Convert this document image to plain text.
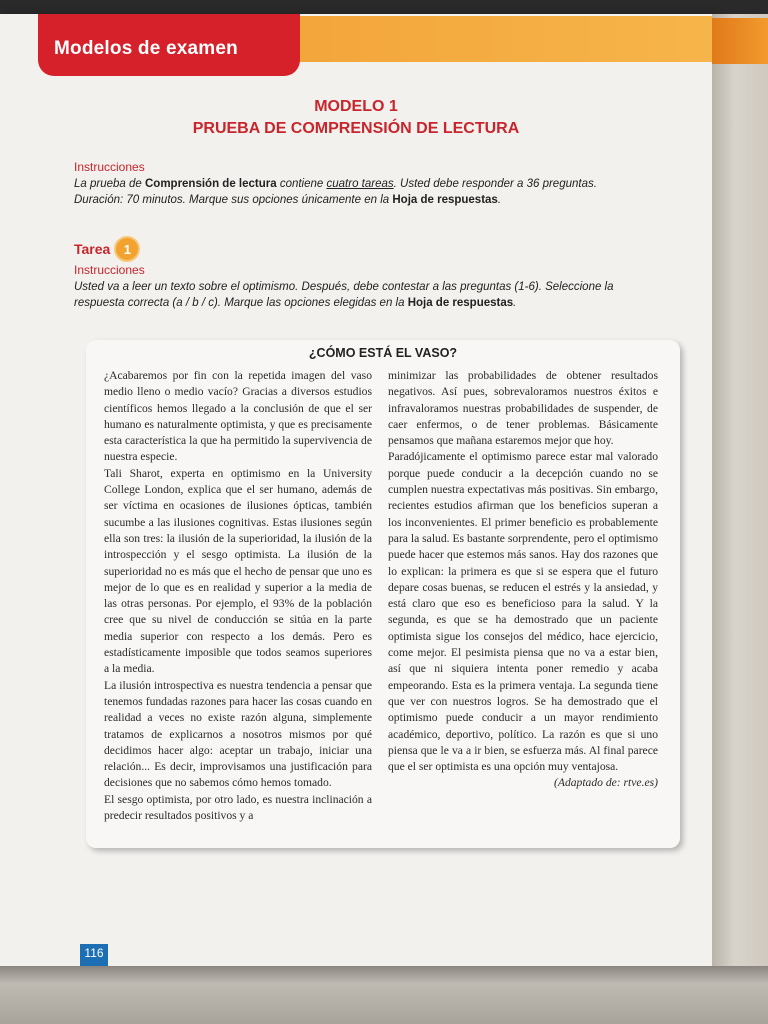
Modelos de examen
MODELO 1
PRUEBA DE COMPRENSIÓN DE LECTURA
Instrucciones
La prueba de Comprensión de lectura contiene cuatro tareas. Usted debe responder a 36 preguntas.
Duración: 70 minutos. Marque sus opciones únicamente en la Hoja de respuestas.
Tarea	1
Instrucciones
Usted va a leer un texto sobre el optimismo. Después, debe contestar a las preguntas (1-6). Seleccione la respuesta correcta (a / b / c). Marque las opciones elegidas en la Hoja de respuestas.
¿CÓMO ESTÁ EL VASO?

¿Acabaremos por fin con la repetida imagen del vaso medio lleno o medio vacío? Gracias a diversos estudios científicos hemos llegado a la conclusión de que el ser humano es naturalmente optimista, y que es precisamente esta característica la que ha permitido la supervivencia de nuestra especie.

Tali Sharot, experta en optimismo en la University College London, explica que el ser humano, además de ser víctima en ocasiones de ilusiones ópticas, también sucumbe a las ilusiones cognitivas. Estas ilusiones según ella son tres: la ilusión de la superioridad, la ilusión de la introspección y el sesgo optimista. La ilusión de la superioridad no es más que el hecho de pensar que uno es mejor de lo que es en realidad y superior a la media de las otras personas. Por ejemplo, el 93% de la población cree que su nivel de conducción se sitúa en la parte media superior con respecto a los demás. Pero es estadísticamente imposible que todos seamos superiores a la media.

La ilusión introspectiva es nuestra tendencia a pensar que tenemos fundadas razones para hacer las cosas cuando en realidad a veces no existe razón alguna, simplemente tratamos de explicarnos a nosotros mismos por qué decidimos hacer algo: aceptar un trabajo, iniciar una relación... Es decir, improvisamos una justificación para decisiones que no sabemos cómo hemos tomado.

El sesgo optimista, por otro lado, es nuestra inclinación a predecir resultados positivos y a

minimizar las probabilidades de obtener resultados negativos. Así pues, sobrevaloramos nuestros éxitos e infravaloramos nuestras probabilidades de suspender, de caer enfermos, o de tener problemas. Básicamente pensamos que mañana estaremos mejor que hoy.

Paradójicamente el optimismo parece estar mal valorado porque puede conducir a la decepción cuando no se cumplen nuestra expectativas más positivas. Sin embargo, recientes estudios afirman que los beneficios superan a los inconvenientes. El primer beneficio es probablemente para la salud. Es bastante sorprendente, pero el optimismo puede hacer que estemos más sanos. Hay dos razones que lo explican: la primera es que si se espera que el futuro depare cosas buenas, se reducen el estrés y la ansiedad, y está claro que eso es beneficioso para la salud. Y la segunda, es que se ha demostrado que un paciente optimista sigue los consejos del médico, hace ejercicio, come mejor. El pesimista piensa que no va a estar bien, así que ni siquiera intenta poner remedio y acaba empeorando. Esta es la primera ventaja. La segunda tiene que ver con nuestros logros. Se ha demostrado que el optimismo puede conducir a un mayor rendimiento académico, deportivo, político. La razón es que si uno piensa que le va a ir bien, se esfuerza más. Al final parece que el ser optimista es una opción muy ventajosa.

(Adaptado de: rtve.es)

116
